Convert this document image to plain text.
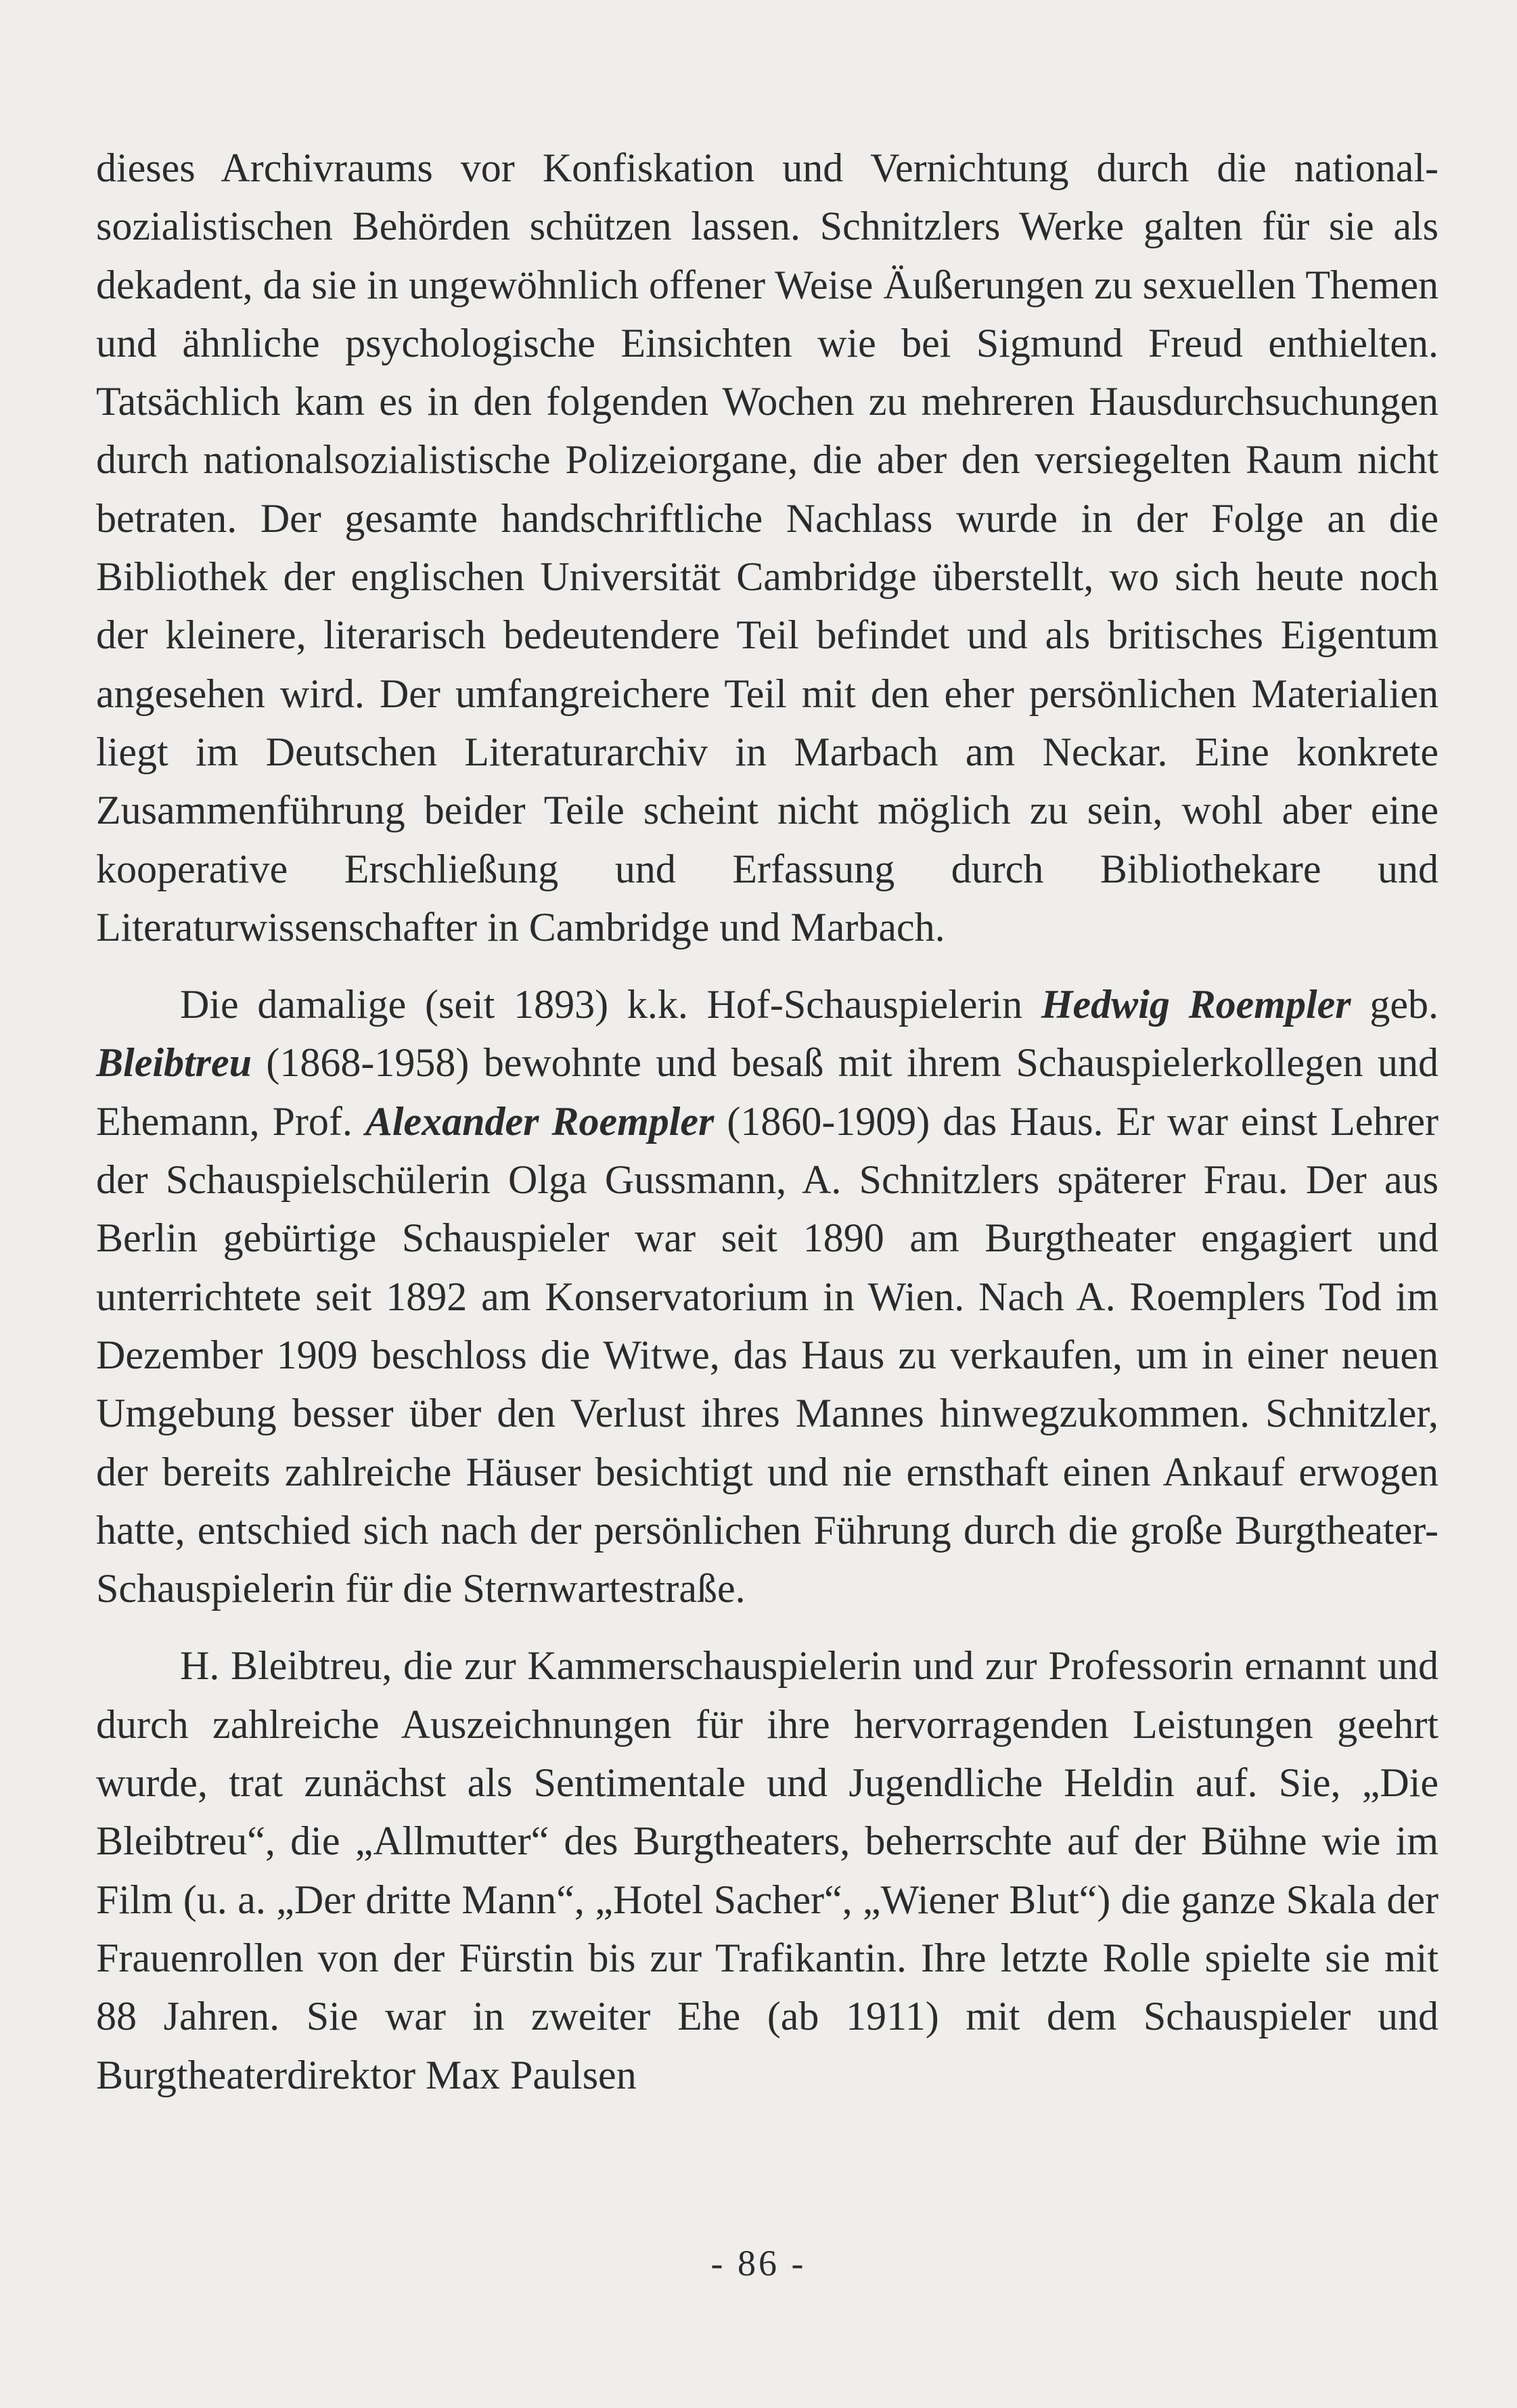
dieses Archivraums vor Konfiskation und Vernichtung durch die nationalsozialistischen Behörden schützen lassen. Schnitzlers Werke galten für sie als dekadent, da sie in ungewöhnlich offener Weise Äußerungen zu sexuellen Themen und ähnliche psychologische Einsichten wie bei Sigmund Freud enthielten. Tatsächlich kam es in den folgenden Wochen zu mehreren Hausdurchsuchungen durch nationalsozialistische Polizeiorgane, die aber den versiegelten Raum nicht betraten. Der gesamte handschriftliche Nachlass wurde in der Folge an die Bibliothek der englischen Universität Cambridge überstellt, wo sich heute noch der kleinere, literarisch bedeutendere Teil befindet und als britisches Eigentum angesehen wird. Der umfangreichere Teil mit den eher persönlichen Materialien liegt im Deutschen Literaturarchiv in Marbach am Neckar. Eine konkrete Zusammenführung beider Teile scheint nicht möglich zu sein, wohl aber eine kooperative Erschließung und Erfassung durch Bibliothekare und Literaturwissenschafter in Cambridge und Marbach.

Die damalige (seit 1893) k.k. Hof-Schauspielerin Hedwig Roempler geb. Bleibtreu (1868-1958) bewohnte und besaß mit ihrem Schauspielerkollegen und Ehemann, Prof. Alexander Roempler (1860-1909) das Haus. Er war einst Lehrer der Schauspielschülerin Olga Gussmann, A. Schnitzlers späterer Frau. Der aus Berlin gebürtige Schauspieler war seit 1890 am Burgtheater engagiert und unterrichtete seit 1892 am Konservatorium in Wien. Nach A. Roemplers Tod im Dezember 1909 beschloss die Witwe, das Haus zu verkaufen, um in einer neuen Umgebung besser über den Verlust ihres Mannes hinwegzukommen. Schnitzler, der bereits zahlreiche Häuser besichtigt und nie ernsthaft einen Ankauf erwogen hatte, entschied sich nach der persönlichen Führung durch die große Burgtheater-Schauspielerin für die Sternwartestraße.

H. Bleibtreu, die zur Kammerschauspielerin und zur Professorin ernannt und durch zahlreiche Auszeichnungen für ihre hervorragenden Leistungen geehrt wurde, trat zunächst als Sentimentale und Jugendliche Heldin auf. Sie, „Die Bleibtreu“, die „Allmutter“ des Burgtheaters, beherrschte auf der Bühne wie im Film (u. a. „Der dritte Mann“, „Hotel Sacher“, „Wiener Blut“) die ganze Skala der Frauenrollen von der Fürstin bis zur Trafikantin. Ihre letzte Rolle spielte sie mit 88 Jahren. Sie war in zweiter Ehe (ab 1911) mit dem Schauspieler und Burgtheaterdirektor Max Paulsen

- 86 -
